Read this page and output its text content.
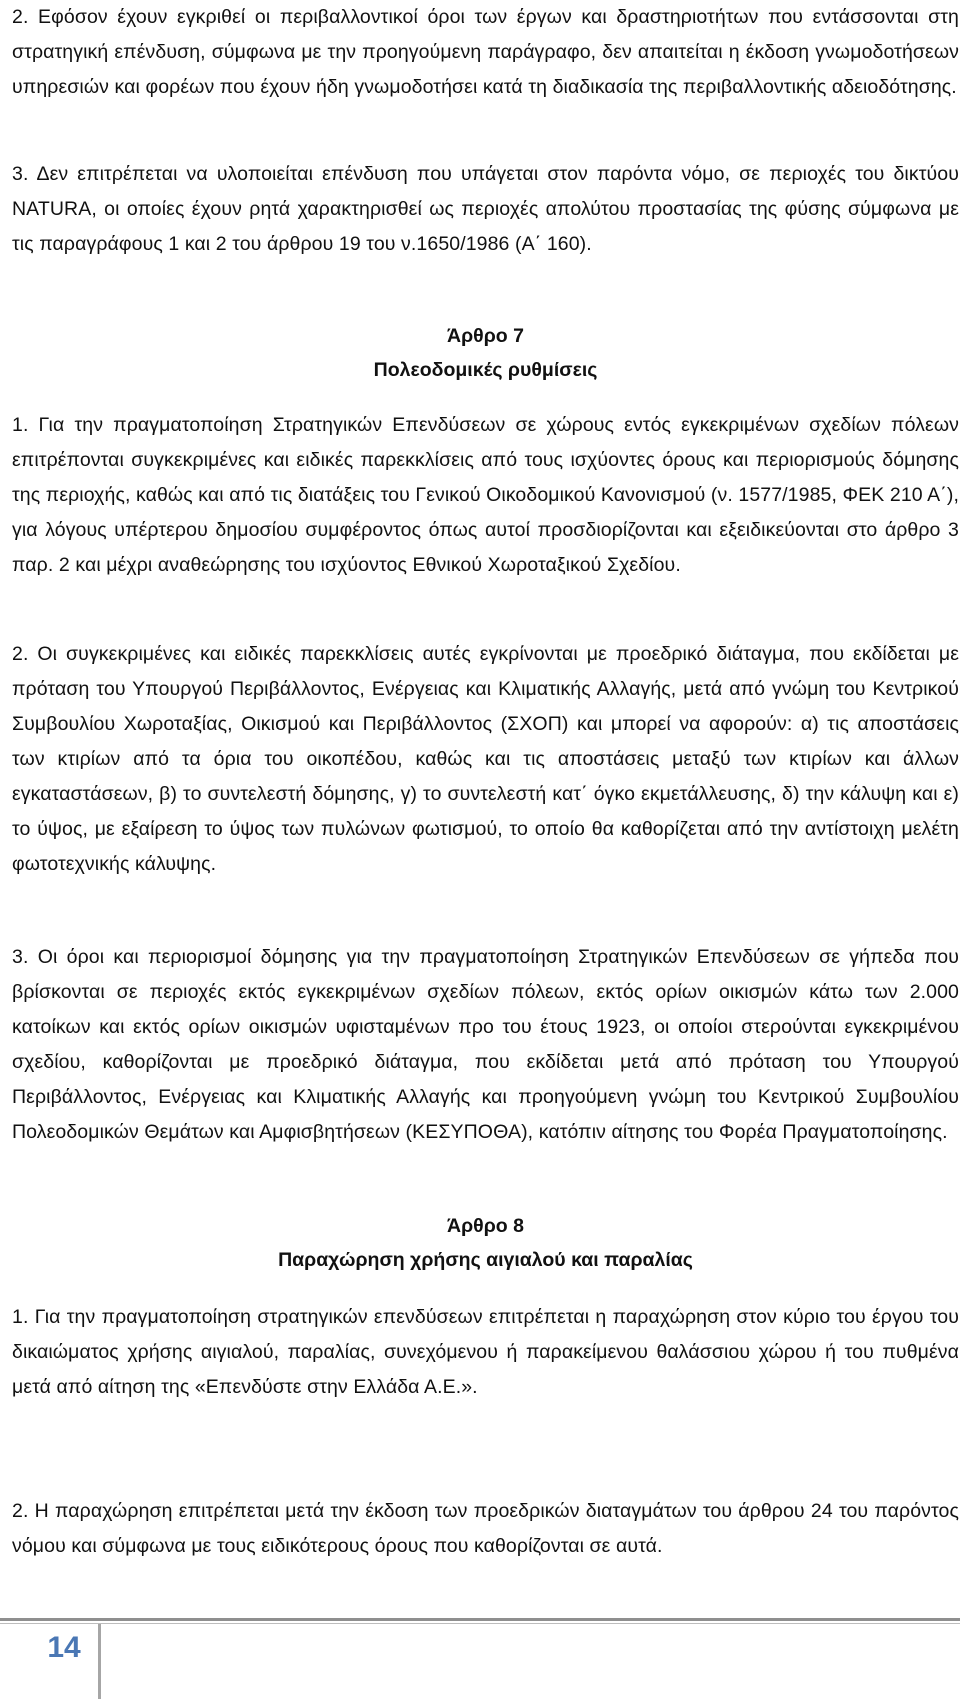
2. Εφόσον έχουν εγκριθεί οι περιβαλλοντικοί όροι των έργων και δραστηριοτήτων που εντάσσονται στη στρατηγική επένδυση, σύμφωνα με την προηγούμενη παράγραφο, δεν απαιτείται η έκδοση γνωμοδοτήσεων υπηρεσιών και φορέων που έχουν ήδη γνωμοδοτήσει κατά τη διαδικασία της περιβαλλοντικής αδειοδότησης.

3. Δεν επιτρέπεται να υλοποιείται επένδυση που υπάγεται στον παρόντα νόμο, σε περιοχές του δικτύου NATURA, οι οποίες έχουν ρητά χαρακτηρισθεί ως περιοχές απολύτου προστασίας της φύσης σύμφωνα με τις παραγράφους 1 και 2 του άρθρου 19 του ν.1650/1986 (Α΄ 160).

Άρθρο 7

Πολεοδομικές ρυθμίσεις

1. Για την πραγματοποίηση Στρατηγικών Επενδύσεων σε χώρους εντός εγκεκριμένων σχεδίων πόλεων επιτρέπονται συγκεκριμένες και ειδικές παρεκκλίσεις από τους ισχύοντες όρους και περιορισμούς δόμησης της περιοχής, καθώς και από τις διατάξεις του Γενικού Οικοδομικού Κανονισμού (ν. 1577/1985, ΦΕΚ 210 Α΄), για λόγους υπέρτερου δημοσίου συμφέροντος όπως αυτοί προσδιορίζονται και εξειδικεύονται στο άρθρο 3 παρ. 2 και μέχρι αναθεώρησης του ισχύοντος Εθνικού Χωροταξικού Σχεδίου.

2. Οι συγκεκριμένες και ειδικές παρεκκλίσεις αυτές εγκρίνονται με προεδρικό διάταγμα, που εκδίδεται με πρόταση του Υπουργού Περιβάλλοντος, Ενέργειας και Κλιματικής Αλλαγής, μετά από γνώμη του Κεντρικού Συμβουλίου Χωροταξίας, Οικισμού και Περιβάλλοντος (ΣΧΟΠ) και μπορεί να αφορούν: α) τις αποστάσεις των κτιρίων από τα όρια του οικοπέδου, καθώς και τις αποστάσεις μεταξύ των κτιρίων και άλλων εγκαταστάσεων, β) το συντελεστή δόμησης, γ) το συντελεστή κατ΄ όγκο εκμετάλλευσης, δ) την κάλυψη και ε) το ύψος, με εξαίρεση το ύψος των πυλώνων φωτισμού, το οποίο θα καθορίζεται από την αντίστοιχη μελέτη φωτοτεχνικής κάλυψης.

3. Οι όροι και περιορισμοί δόμησης για την πραγματοποίηση Στρατηγικών Επενδύσεων σε γήπεδα που βρίσκονται σε περιοχές εκτός εγκεκριμένων σχεδίων πόλεων, εκτός ορίων οικισμών κάτω των 2.000 κατοίκων και εκτός ορίων οικισμών υφισταμένων προ του έτους 1923, οι οποίοι στερούνται εγκεκριμένου σχεδίου, καθορίζονται με προεδρικό διάταγμα, που εκδίδεται μετά από πρόταση του Υπουργού Περιβάλλοντος, Ενέργειας και Κλιματικής Αλλαγής και προηγούμενη γνώμη του Κεντρικού Συμβουλίου Πολεοδομικών Θεμάτων και Αμφισβητήσεων (ΚΕΣΥΠΟΘΑ), κατόπιν αίτησης του Φορέα Πραγματοποίησης.

Άρθρο 8

Παραχώρηση χρήσης αιγιαλού και παραλίας

1. Για την πραγματοποίηση στρατηγικών επενδύσεων επιτρέπεται η παραχώρηση στον κύριο του έργου του δικαιώματος χρήσης αιγιαλού, παραλίας, συνεχόμενου ή παρακείμενου θαλάσσιου χώρου ή του πυθμένα μετά από αίτηση της «Επενδύστε στην Ελλάδα Α.Ε.».

2. Η παραχώρηση επιτρέπεται μετά την έκδοση των προεδρικών διαταγμάτων του άρθρου 24 του παρόντος νόμου και σύμφωνα με τους ειδικότερους όρους που καθορίζονται σε αυτά.

14
